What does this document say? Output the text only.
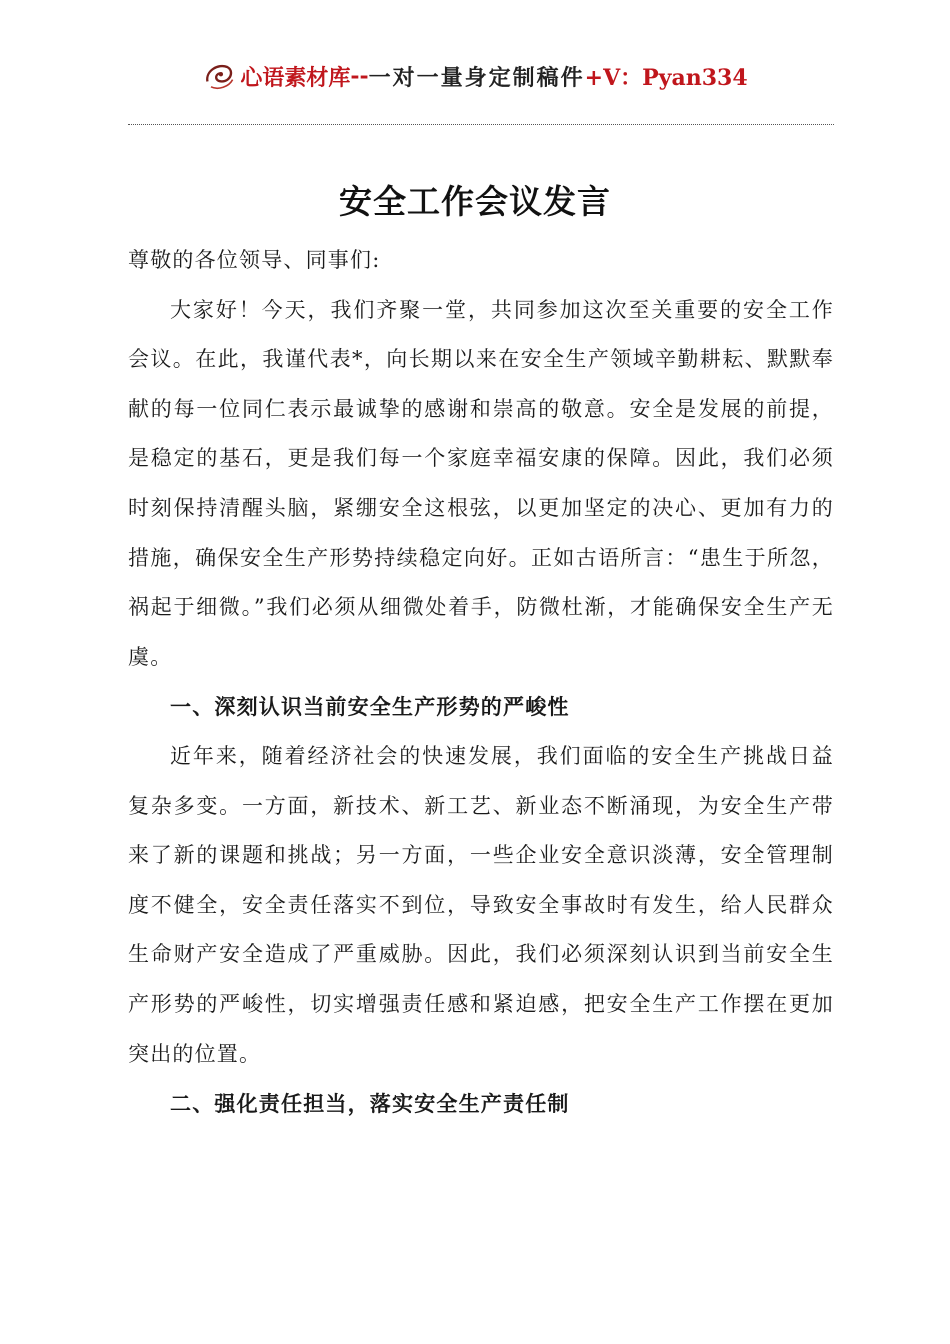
心语素材库 -- 一对一量身定制稿件 +V：Pyan334
安全工作会议发言

尊敬的各位领导、同事们:

大家好！今天，我们齐聚一堂，共同参加这次至关重要的安全工作会议。在此，我谨代表*，向长期以来在安全生产领域辛勤耕耘、默默奉献的每一位同仁表示最诚挚的感谢和崇高的敬意。安全是发展的前提，是稳定的基石，更是我们每一个家庭幸福安康的保障。因此，我们必须时刻保持清醒头脑，紧绷安全这根弦，以更加坚定的决心、更加有力的措施，确保安全生产形势持续稳定向好。正如古语所言：“患生于所忽，祸起于细微。”我们必须从细微处着手，防微杜渐，才能确保安全生产无虞。

一、深刻认识当前安全生产形势的严峻性

近年来，随着经济社会的快速发展，我们面临的安全生产挑战日益复杂多变。一方面，新技术、新工艺、新业态不断涌现，为安全生产带来了新的课题和挑战；另一方面，一些企业安全意识淡薄，安全管理制度不健全，安全责任落实不到位，导致安全事故时有发生，给人民群众生命财产安全造成了严重威胁。因此，我们必须深刻认识到当前安全生产形势的严峻性，切实增强责任感和紧迫感，把安全生产工作摆在更加突出的位置。

二、强化责任担当，落实安全生产责任制
